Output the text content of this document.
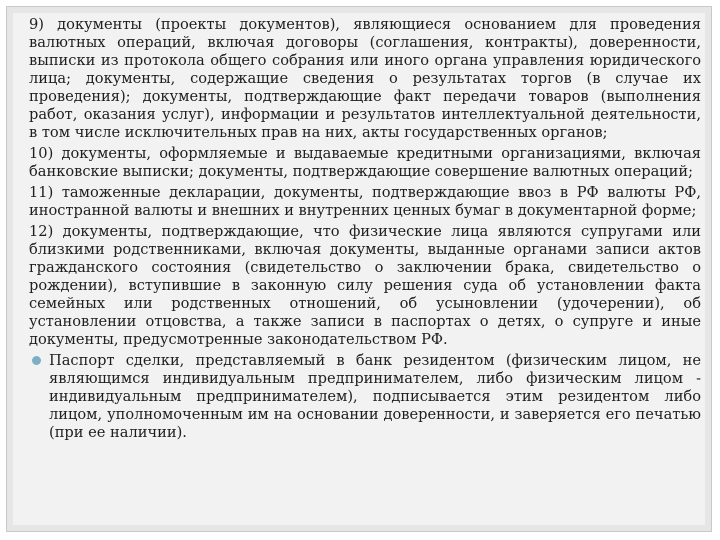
9) документы (проекты документов), являющиеся основанием для проведения валютных операций, включая договоры (соглашения, контракты), доверенности, выписки из протокола общего собрания или иного органа управления юридического лица; документы, содержащие сведения о результатах торгов (в случае их проведения); документы, подтверждающие факт передачи товаров (выполнения работ, оказания услуг), информации и результатов интеллектуальной деятельности, в том числе исключительных прав на них, акты государственных органов;

10) документы, оформляемые и выдаваемые кредитными организациями, включая банковские выписки; документы, подтверждающие совершение валютных операций;

11) таможенные декларации, документы, подтверждающие ввоз в РФ валюты РФ, иностранной валюты и внешних и внутренних ценных бумаг в документарной форме;

12) документы, подтверждающие, что физические лица являются супругами или близкими родственниками, включая документы, выданные органами записи актов гражданского состояния (свидетельство о заключении брака, свидетельство о рождении), вступившие в законную силу решения суда об установлении факта семейных или родственных отношений, об усыновлении (удочерении), об установлении отцовства, а также записи в паспортах о детях, о супруге и иные документы, предусмотренные законодательством РФ.

Паспорт сделки, представляемый в банк резидентом (физическим лицом, не являющимся индивидуальным предпринимателем, либо физическим лицом - индивидуальным предпринимателем), подписывается этим резидентом либо лицом, уполномоченным им на основании доверенности, и заверяется его печатью (при ее наличии).
